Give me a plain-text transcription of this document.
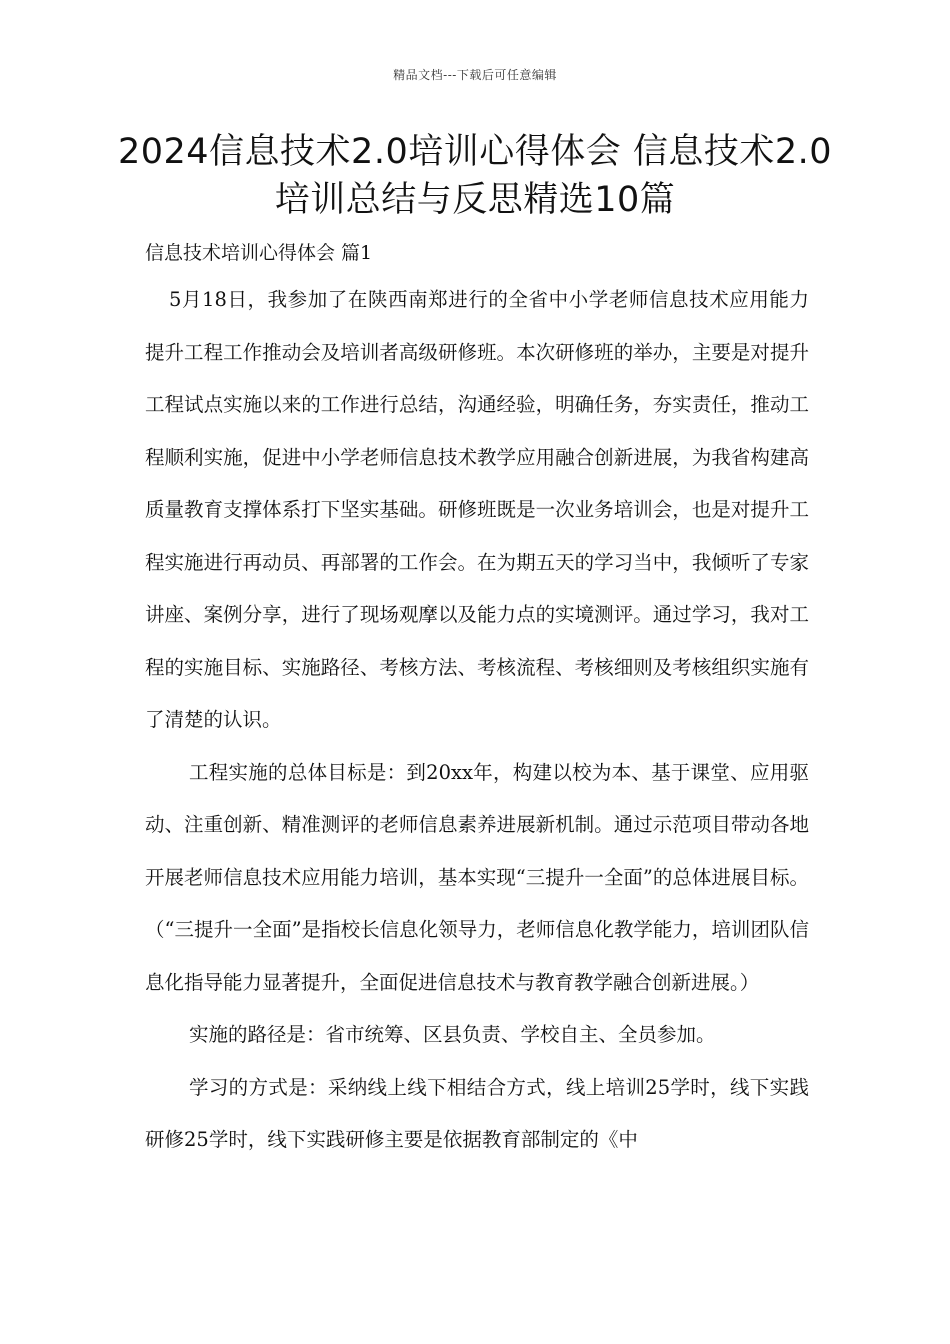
精品文档---下载后可任意编辑
2024信息技术2.0培训心得体会 信息技术2.0培训总结与反思精选10篇
信息技术培训心得体会 篇1

5月18日，我参加了在陕西南郑进行的全省中小学老师信息技术应用能力提升工程工作推动会及培训者高级研修班。本次研修班的举办，主要是对提升工程试点实施以来的工作进行总结，沟通经验，明确任务，夯实责任，推动工程顺利实施，促进中小学老师信息技术教学应用融合创新进展，为我省构建高质量教育支撑体系打下坚实基础。研修班既是一次业务培训会，也是对提升工程实施进行再动员、再部署的工作会。在为期五天的学习当中，我倾听了专家讲座、案例分享，进行了现场观摩以及能力点的实境测评。通过学习，我对工程的实施目标、实施路径、考核方法、考核流程、考核细则及考核组织实施有了清楚的认识。

工程实施的总体目标是：到20xx年，构建以校为本、基于课堂、应用驱动、注重创新、精准测评的老师信息素养进展新机制。通过示范项目带动各地开展老师信息技术应用能力培训，基本实现“三提升一全面”的总体进展目标。（“三提升一全面”是指校长信息化领导力，老师信息化教学能力，培训团队信息化指导能力显著提升，全面促进信息技术与教育教学融合创新进展。）

实施的路径是：省市统筹、区县负责、学校自主、全员参加。

学习的方式是：采纳线上线下相结合方式，线上培训25学时，线下实践研修25学时，线下实践研修主要是依据教育部制定的《中
